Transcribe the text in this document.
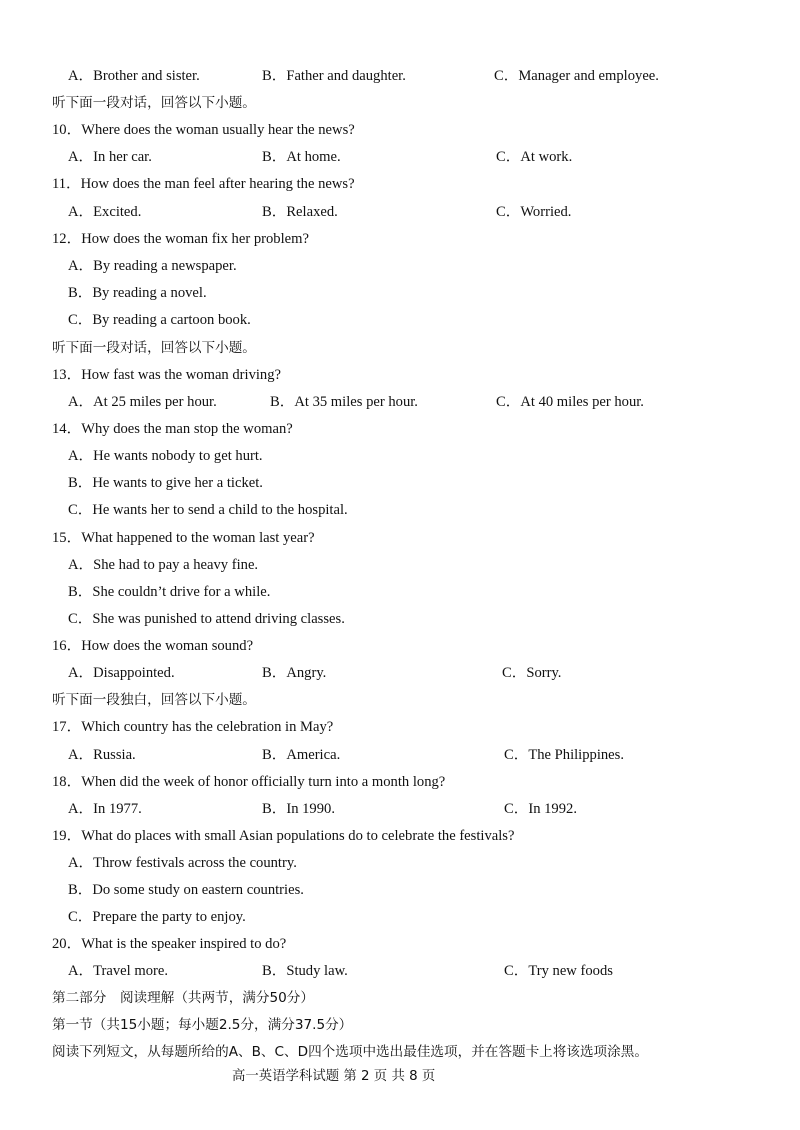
A．Brother and sister.	B．Father and daughter.	C．Manager and employee.
听下面一段对话，回答以下小题。
10．Where does the woman usually hear the news?
A．In her car.	B．At home.	C．At work.
11．How does the man feel after hearing the news?
A．Excited.	B．Relaxed.	C．Worried.
12．How does the woman fix her problem?
A．By reading a newspaper.
B．By reading a novel.
C．By reading a cartoon book.
听下面一段对话，回答以下小题。
13．How fast was the woman driving?
A．At 25 miles per hour.	B．At 35 miles per hour.	C．At 40 miles per hour.
14．Why does the man stop the woman?
A．He wants nobody to get hurt.
B．He wants to give her a ticket.
C．He wants her to send a child to the hospital.
15．What happened to the woman last year?
A．She had to pay a heavy fine.
B．She couldn’t drive for a while.
C．She was punished to attend driving classes.
16．How does the woman sound?
A．Disappointed.	B．Angry.	C．Sorry.
听下面一段独白，回答以下小题。
17．Which country has the celebration in May?
A．Russia.	B．America.	C．The Philippines.
18．When did the week of honor officially turn into a month long?
A．In 1977.	B．In 1990.	C．In 1992.
19．What do places with small Asian populations do to celebrate the festivals?
A．Throw festivals across the country.
B．Do some study on eastern countries.
C．Prepare the party to enjoy.
20．What is the speaker inspired to do?
A．Travel more.	B．Study law.	C．Try new foods
第二部分　阅读理解（共两节，满分50分）
第一节（共15小题；每小题2.5分，满分37.5分）
阅读下列短文，从每题所给的A、B、C、D四个选项中选出最佳选项，并在答题卡上将该选项涂黑。
高一英语学科试题 第 2 页 共 8 页
